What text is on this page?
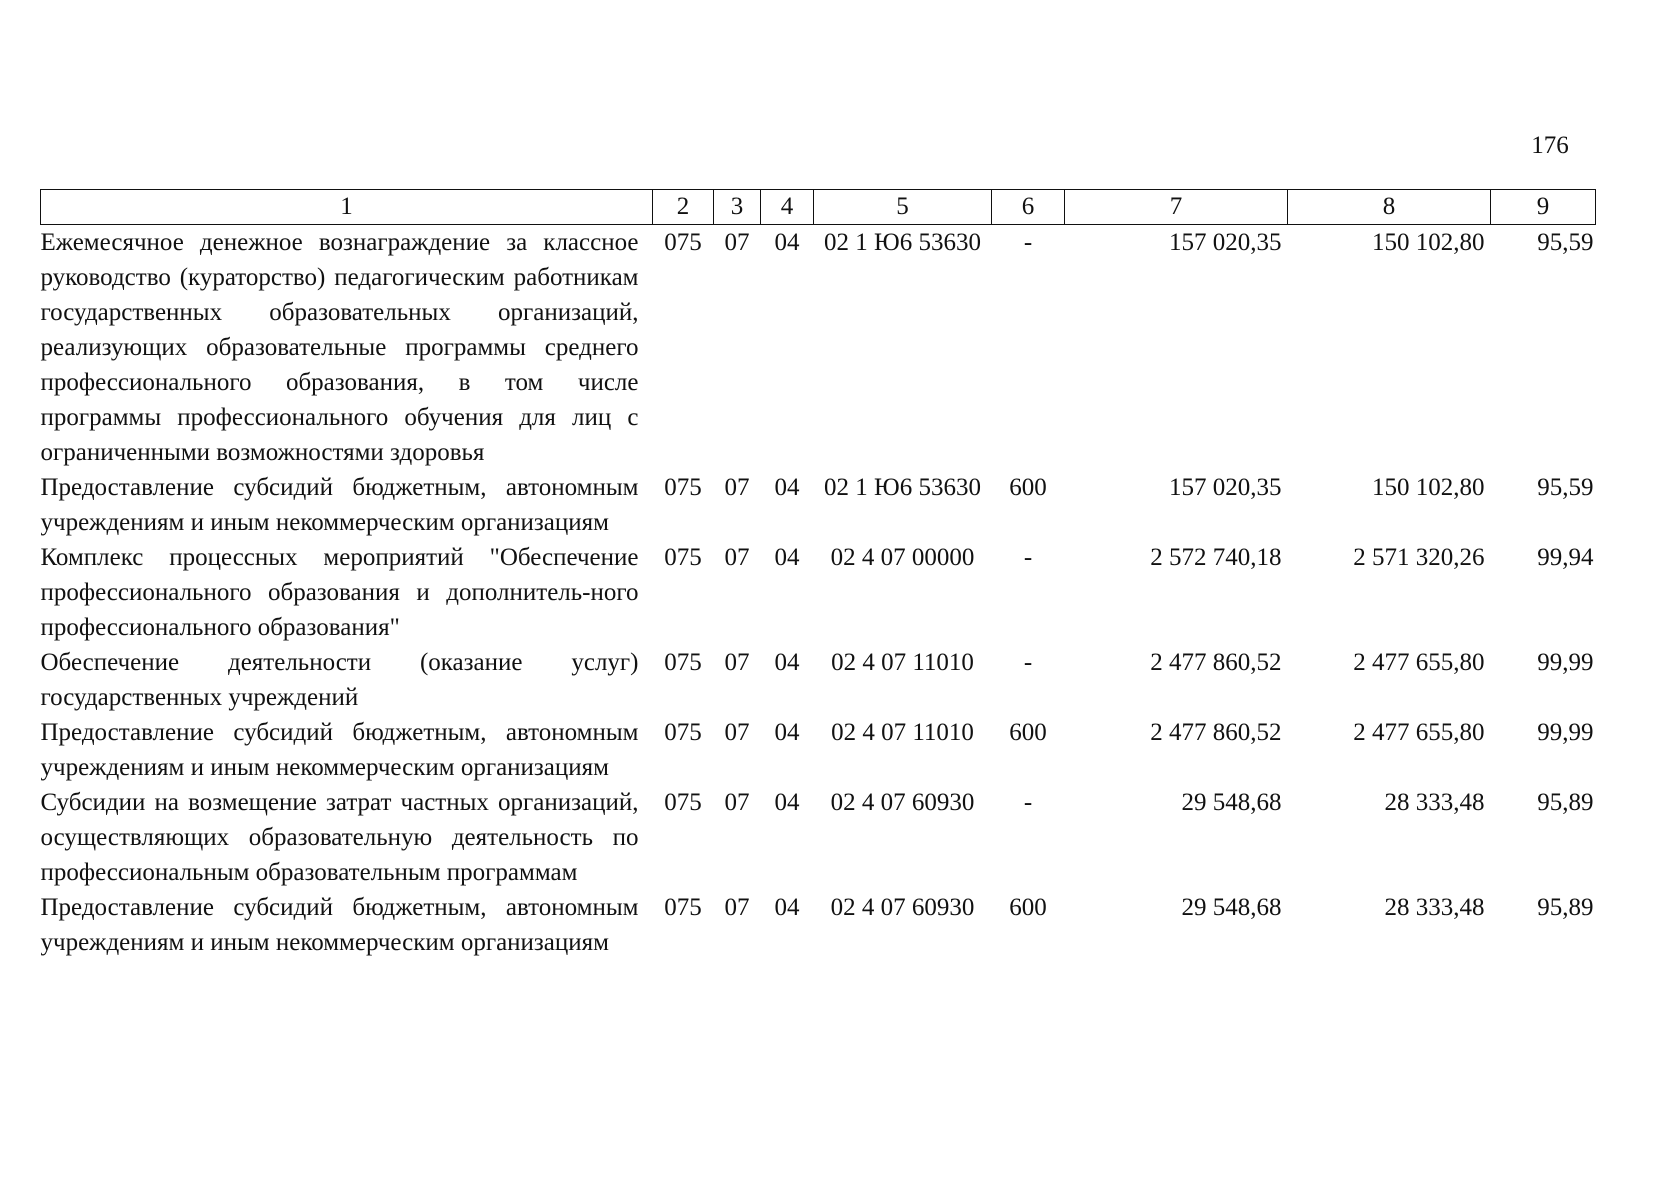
176
1	2	3	4	5	6	7	8	9
Ежемесячное денежное вознаграждение за классное руководство (кураторство) педагогическим работникам государственных образовательных организаций, реализующих образовательные программы среднего профессионального образования, в том числе программы профессионального обучения для лиц с ограниченными возможностями здоровья	075	07	04	02 1 Ю6 53630	-	157 020,35	150 102,80	95,59
Предоставление субсидий бюджетным, автономным учреждениям и иным некоммерческим организациям	075	07	04	02 1 Ю6 53630	600	157 020,35	150 102,80	95,59
Комплекс процессных мероприятий "Обеспечение профессионального образования и дополнитель-ного профессионального образования"	075	07	04	02 4 07 00000	-	2 572 740,18	2 571 320,26	99,94
Обеспечение деятельности (оказание услуг) государственных учреждений	075	07	04	02 4 07 11010	-	2 477 860,52	2 477 655,80	99,99
Предоставление субсидий бюджетным, автономным учреждениям и иным некоммерческим организациям	075	07	04	02 4 07 11010	600	2 477 860,52	2 477 655,80	99,99
Субсидии на возмещение затрат частных организаций, осуществляющих образовательную деятельность по профессиональным образовательным программам	075	07	04	02 4 07 60930	-	29 548,68	28 333,48	95,89
Предоставление субсидий бюджетным, автономным учреждениям и иным некоммерческим организациям	075	07	04	02 4 07 60930	600	29 548,68	28 333,48	95,89
